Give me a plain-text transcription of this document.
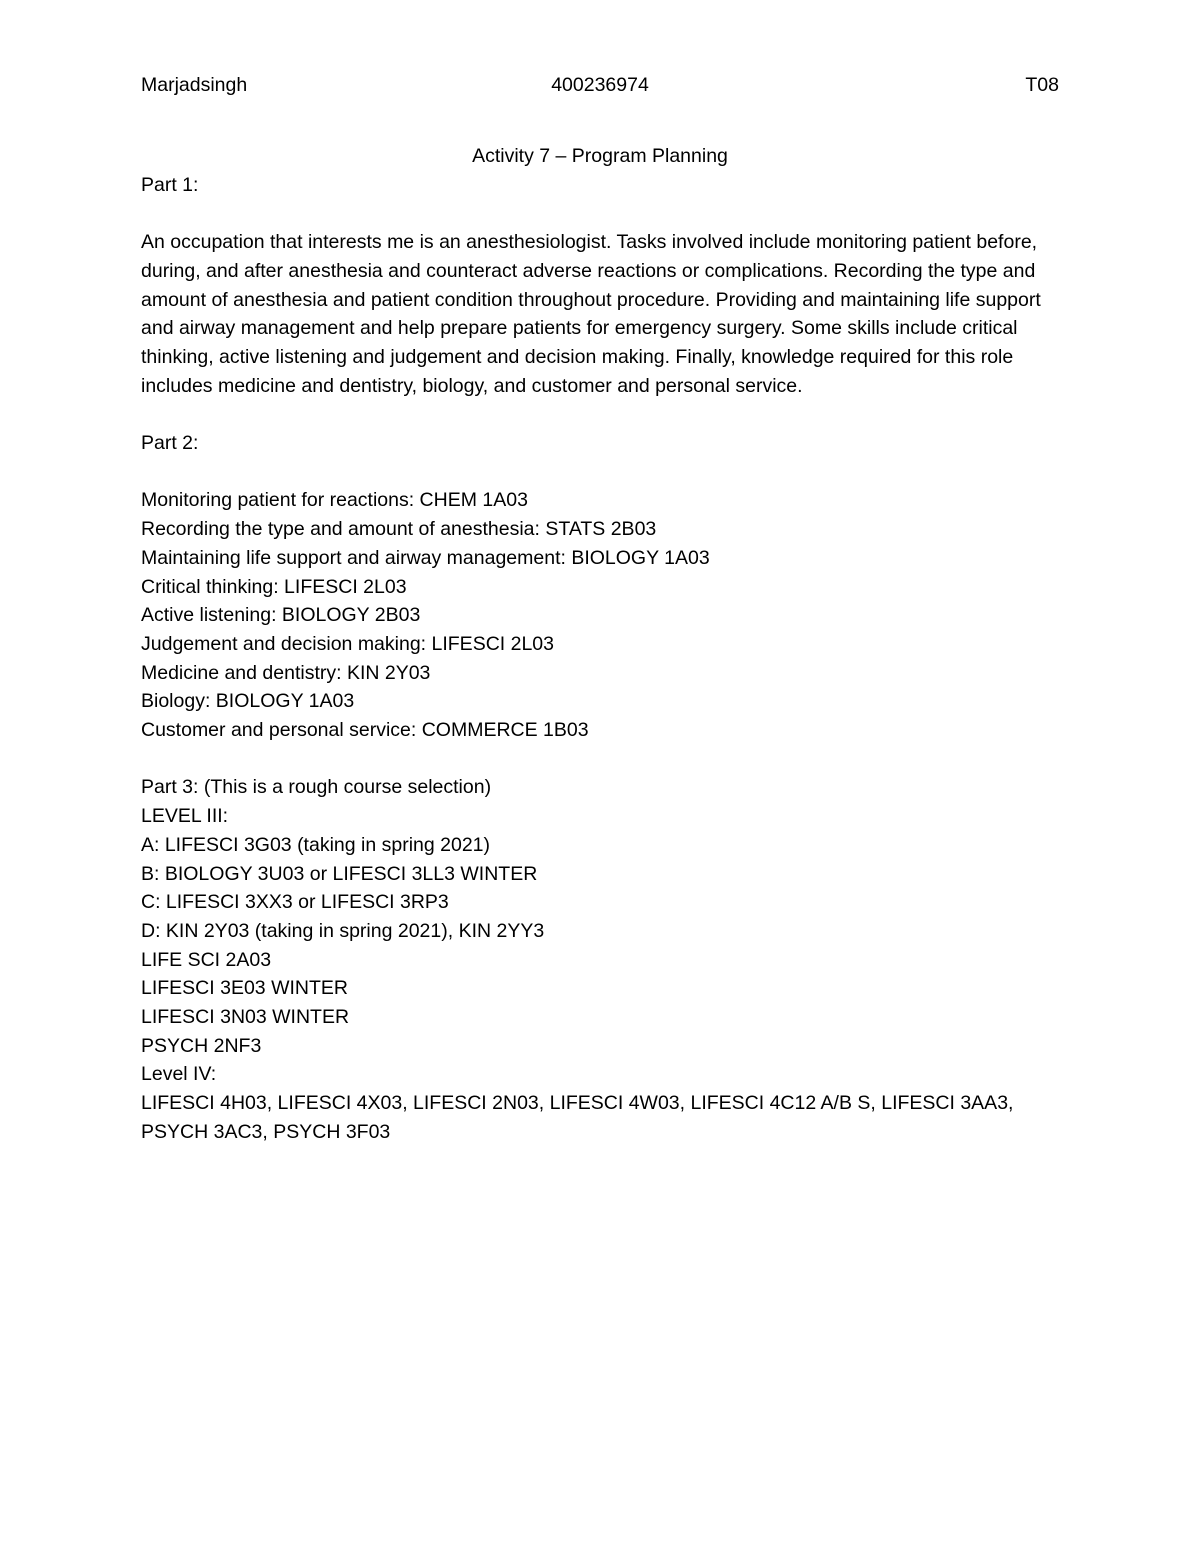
Marjadsingh	400236974	T08
Activity 7 – Program Planning
Part 1:
An occupation that interests me is an anesthesiologist. Tasks involved include monitoring patient before, during, and after anesthesia and counteract adverse reactions or complications. Recording the type and amount of anesthesia and patient condition throughout procedure. Providing and maintaining life support and airway management and help prepare patients for emergency surgery. Some skills include critical thinking, active listening and judgement and decision making. Finally, knowledge required for this role includes medicine and dentistry, biology, and customer and personal service.
Part 2:
Monitoring patient for reactions: CHEM 1A03
Recording the type and amount of anesthesia: STATS 2B03
Maintaining life support and airway management: BIOLOGY 1A03
Critical thinking: LIFESCI 2L03
Active listening: BIOLOGY 2B03
Judgement and decision making: LIFESCI 2L03
Medicine and dentistry: KIN 2Y03
Biology: BIOLOGY 1A03
Customer and personal service: COMMERCE 1B03
Part 3: (This is a rough course selection)
LEVEL III:
A: LIFESCI 3G03 (taking in spring 2021)
B: BIOLOGY 3U03 or LIFESCI 3LL3 WINTER
C: LIFESCI 3XX3 or LIFESCI 3RP3
D: KIN 2Y03 (taking in spring 2021), KIN 2YY3
LIFE SCI 2A03
LIFESCI 3E03 WINTER
LIFESCI 3N03 WINTER
PSYCH 2NF3
Level IV:
LIFESCI 4H03, LIFESCI 4X03, LIFESCI 2N03, LIFESCI 4W03, LIFESCI 4C12 A/B S, LIFESCI 3AA3,
PSYCH 3AC3, PSYCH 3F03
